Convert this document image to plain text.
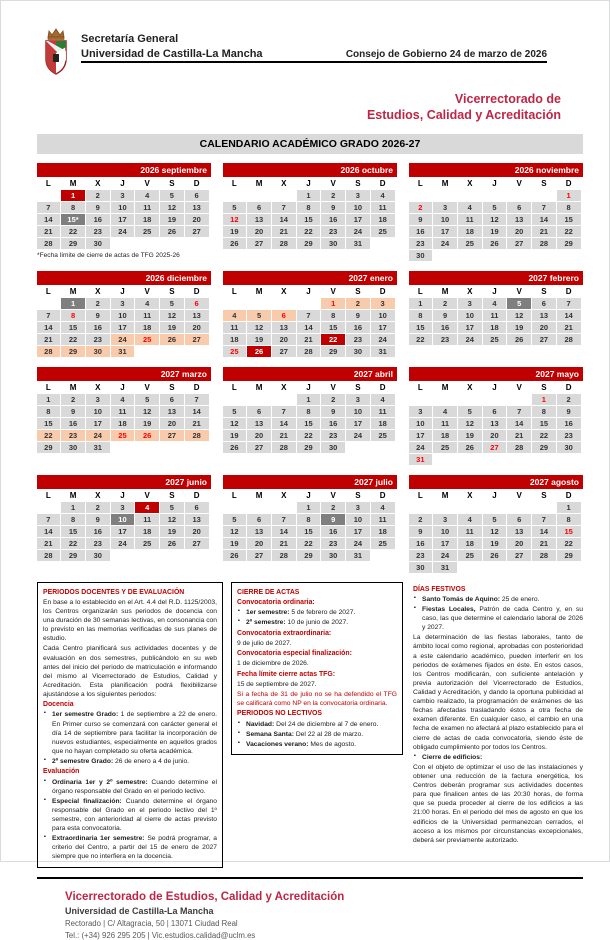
Secretaría General
Universidad de Castilla-La Mancha	Consejo de Gobierno 24 de marzo de 2026
Vicerrectorado de
Estudios, Calidad y Acreditación
CALENDARIO ACADÉMICO GRADO 2026-27
2026 septiembre
L	M	X	J	V	S	D
	1	2	3	4	5	6
7	8	9	10	11	12	13
14	15*	16	17	18	19	20
21	22	23	24	25	26	27
28	29	30				
*Fecha límite de cierre de actas de TFG 2025-26
2026 octubre
L	M	X	J	V	S	D
			1	2	3	4
5	6	7	8	9	10	11
12	13	14	15	16	17	18
19	20	21	22	23	24	25
26	27	28	29	30	31	
2026 noviembre
L	M	X	J	V	S	D
						1
2	3	4	5	6	7	8
9	10	11	12	13	14	15
16	17	18	19	20	21	22
23	24	25	26	27	28	29
30						
2026 diciembre
L	M	X	J	V	S	D
	1	2	3	4	5	6
7	8	9	10	11	12	13
14	15	16	17	18	19	20
21	22	23	24	25	26	27
28	29	30	31			
2027 enero
L	M	X	J	V	S	D
				1	2	3
4	5	6	7	8	9	10
11	12	13	14	15	16	17
18	19	20	21	22	23	24
25	26	27	28	29	30	31
2027 febrero
L	M	X	J	V	S	D
1	2	3	4	5	6	7
8	9	10	11	12	13	14
15	16	17	18	19	20	21
22	23	24	25	26	27	28
2027 marzo
L	M	X	J	V	S	D
1	2	3	4	5	6	7
8	9	10	11	12	13	14
15	16	17	18	19	20	21
22	23	24	25	26	27	28
29	30	31				
2027 abril
L	M	X	J	V	S	D
			1	2	3	4
5	6	7	8	9	10	11
12	13	14	15	16	17	18
19	20	21	22	23	24	25
26	27	28	29	30		
2027 mayo
L	M	X	J	V	S	D
					1	2
3	4	5	6	7	8	9
10	11	12	13	14	15	16
17	18	19	20	21	22	23
24	25	26	27	28	29	30
31						
2027 junio
L	M	X	J	V	S	D
	1	2	3	4	5	6
7	8	9	10	11	12	13
14	15	16	17	18	19	20
21	22	23	24	25	26	27
28	29	30				
2027 julio
L	M	X	J	V	S	D
			1	2	3	4
5	6	7	8	9	10	11
12	13	14	15	16	17	18
19	20	21	22	23	24	25
26	27	28	29	30	31	
2027 agosto
L	M	X	J	V	S	D
						1
2	3	4	5	6	7	8
9	10	11	12	13	14	15
16	17	18	19	20	21	22
23	24	25	26	27	28	29
30	31					
PERIODOS DOCENTES Y DE EVALUACIÓN
En base a lo establecido en el Art. 4.4 del R.D. 1125/2003, los Centros organizarán sus periodos de docencia con una duración de 30 semanas lectivas, en consonancia con lo previsto en las memorias verificadas de sus planes de estudio.
Cada Centro planificará sus actividades docentes y de evaluación en dos semestres, publicándolo en su web antes del inicio del periodo de matriculación e informando del mismo al Vicerrectorado de Estudios, Calidad y Acreditación. Esta planificación podrá flexibilizarse ajustándose a los siguientes periodos:
Docencia
▪ 1er semestre Grado: 1 de septiembre a 22 de enero. En Primer curso se comenzará con carácter general el día 14 de septiembre para facilitar la incorporación de nuevos estudiantes, especialmente en aquellos grados que no hayan completado su oferta académica.
▪ 2º semestre Grado: 26 de enero a 4 de junio.
Evaluación
▪ Ordinaria 1er y 2º semestre: Cuando determine el órgano responsable del Grado en el periodo lectivo.
▪ Especial finalización: Cuando determine el órgano responsable del Grado en el periodo lectivo del 1º semestre, con anterioridad al cierre de actas previsto para esta convocatoria.
▪ Extraordinaria 1er semestre: Se podrá programar, a criterio del Centro, a partir del 15 de enero de 2027 siempre que no interfiera en la docencia.
CIERRE DE ACTAS
Convocatoria ordinaria:
▪ 1er semestre: 5 de febrero de 2027.
▪ 2º semestre: 10 de junio de 2027.
Convocatoria extraordinaria:
9 de julio de 2027.
Convocatoria especial finalización:
1 de diciembre de 2026.
Fecha límite cierre actas TFG:
15 de septiembre de 2027.
Si a fecha de 31 de julio no se ha defendido el TFG se calificará como NP en la convocatoria ordinaria.
PERIODOS NO LECTIVOS
▪ Navidad: Del 24 de diciembre al 7 de enero.
▪ Semana Santa: Del 22 al 28 de marzo.
▪ Vacaciones verano: Mes de agosto.
DÍAS FESTIVOS
▪ Santo Tomás de Aquino: 25 de enero.
▪ Fiestas Locales, Patrón de cada Centro y, en su caso, las que determine el calendario laboral de 2026 y 2027.
La determinación de las fiestas laborales, tanto de ámbito local como regional, aprobadas con posterioridad a este calendario académico, pueden interferir en los periodos de exámenes fijados en éste. En estos casos, los Centros modificarán, con suficiente antelación y previa autorización del Vicerrectorado de Estudios, Calidad y Acreditación, y dando la oportuna publicidad al cambio realizado, la programación de exámenes de las fechas afectadas trasladando éstos a otra fecha de examen diferente. En cualquier caso, el cambio en una fecha de examen no afectará al plazo establecido para el cierre de actas de cada convocatoria, siendo éste de obligado cumplimiento por todos los Centros.
▪ Cierre de edificios:
Con el objeto de optimizar el uso de las instalaciones y obtener una reducción de la factura energética, los Centros deberán programar sus actividades docentes para que finalicen antes de las 20:30 horas, de forma que se pueda proceder al cierre de los edificios a las 21:00 horas. En el periodo del mes de agosto en que los edificios de la Universidad permanezcan cerrados, el acceso a los mismos por circunstancias excepcionales, deberá ser previamente autorizado.
Vicerrectorado de Estudios, Calidad y Acreditación
Universidad de Castilla-La Mancha
Rectorado | C/ Altagracia, 50 | 13071 Ciudad Real
Tel.: (+34) 926 295 205 | Vic.estudios.calidad@uclm.es
